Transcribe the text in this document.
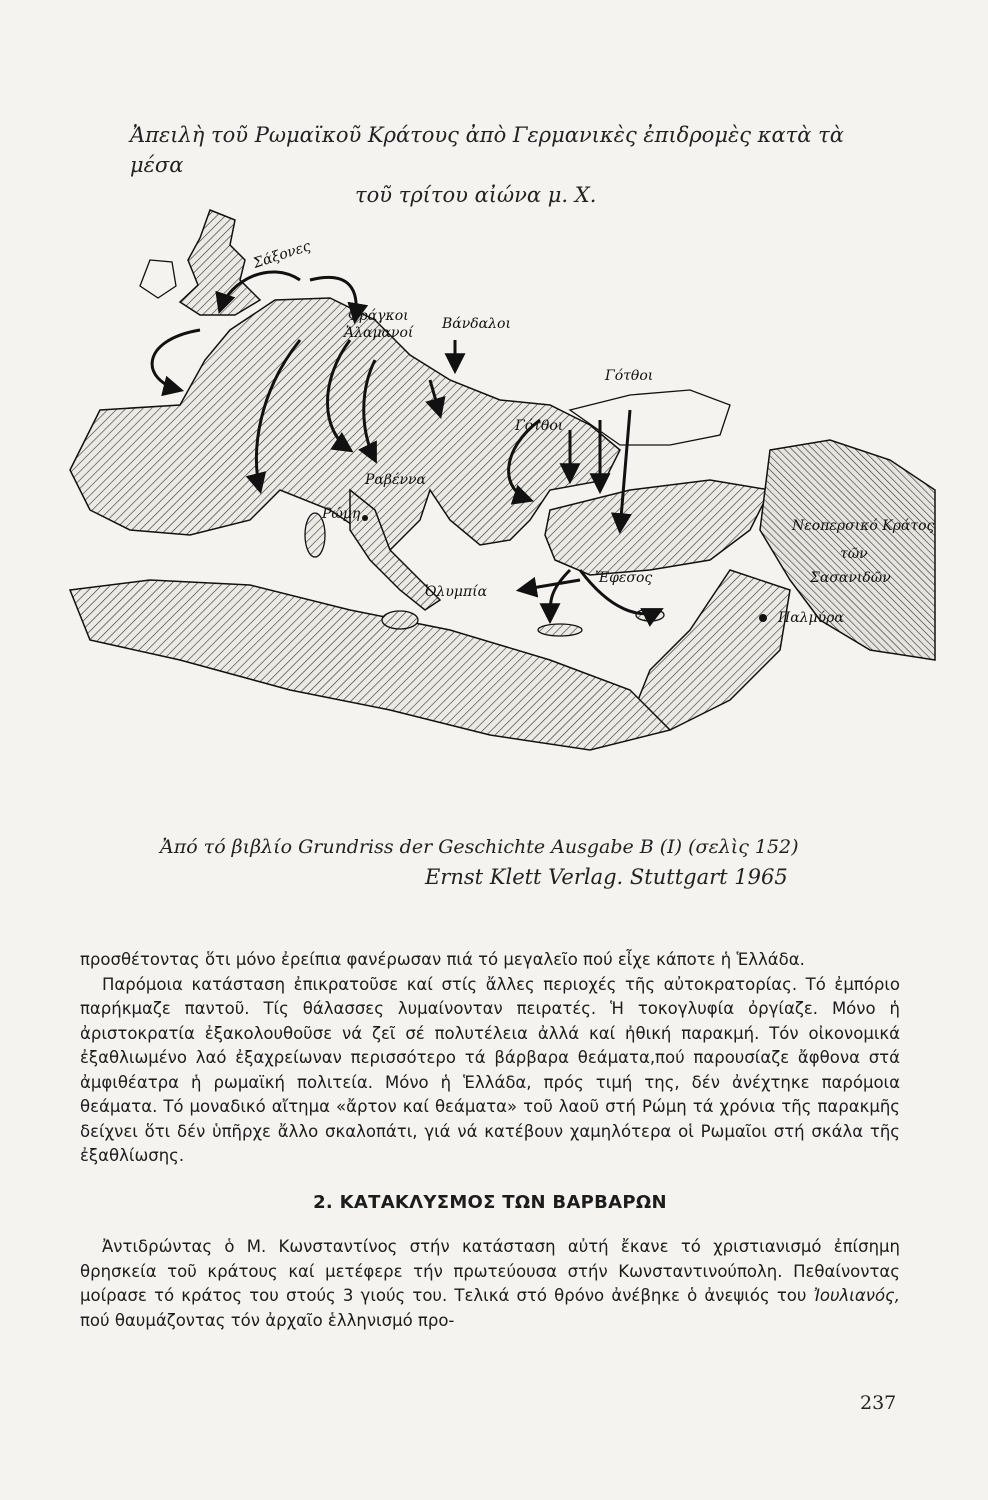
Ἀπειλὴ τοῦ Ρωμαϊκοῦ Κράτους ἀπὸ Γερμανικὲς ἐπιδρομὲς κατὰ τὰ μέσα
τοῦ τρίτου αἰώνα μ. Χ.
Σάξονες
Φράγκοι
Ἀλαμανοί
Βάνδαλοι
Γότθοι
Γότθοι
Ραβέννα
Ρώμη
Ὀλυμπία
Ἔφεσος
Νεοπερσικό Κράτος
τῶν
Σασανιδῶν
Παλμύρα
Ἀπό τό βιβλίο Grundriss der Geschichte Ausgabe B (I) (σελὶς 152)
Ernst Klett Verlag. Stuttgart 1965

προσθέτοντας ὅτι μόνο ἐρείπια φανέρωσαν πιά τό μεγαλεῖο πού εἶχε κάποτε ἡ Ἑλλάδα.

Παρόμοια κατάσταση ἐπικρατοῦσε καί στίς ἄλλες περιοχές τῆς αὐτοκρατορίας. Τό ἐμπόριο παρήκμαζε παντοῦ. Τίς θάλασσες λυμαίνονταν πειρατές. Ἡ τοκογλυφία ὀργίαζε. Μόνο ἡ ἀριστοκρατία ἐξακολουθοῦσε νά ζεῖ σέ πολυτέλεια ἀλλά καί ἠθική παρακμή. Τόν οἰκονομικά ἐξαθλιωμένο λαό ἐξαχρείωναν περισσότερο τά βάρβαρα θεάματα,πού παρουσίαζε ἄφθονα στά ἀμφιθέατρα ἡ ρωμαϊκή πολιτεία. Μόνο ἡ Ἑλλάδα, πρός τιμή της, δέν ἀνέχτηκε παρόμοια θεάματα. Τό μοναδικό αἴτημα «ἄρτον καί θεάματα» τοῦ λαοῦ στή Ρώμη τά χρόνια τῆς παρακμῆς δείχνει ὅτι δέν ὑπῆρχε ἄλλο σκαλοπάτι, γιά νά κατέβουν χαμηλότερα οἱ Ρωμαῖοι στή σκάλα τῆς ἐξαθλίωσης.

2. ΚΑΤΑΚΛΥΣΜΟΣ ΤΩΝ ΒΑΡΒΑΡΩΝ

Ἀντιδρώντας ὁ Μ. Κωνσταντίνος στήν κατάσταση αὐτή ἔκανε τό χριστιανισμό ἐπίσημη θρησκεία τοῦ κράτους καί μετέφερε τήν πρωτεύουσα στήν Κωνσταντινούπολη. Πεθαίνοντας μοίρασε τό κράτος του στούς 3 γιούς του. Τελικά στό θρόνο ἀνέβηκε ὁ ἀνεψιός του Ἰουλιανός, πού θαυμάζοντας τόν ἀρχαῖο ἑλληνισμό προ-

237
